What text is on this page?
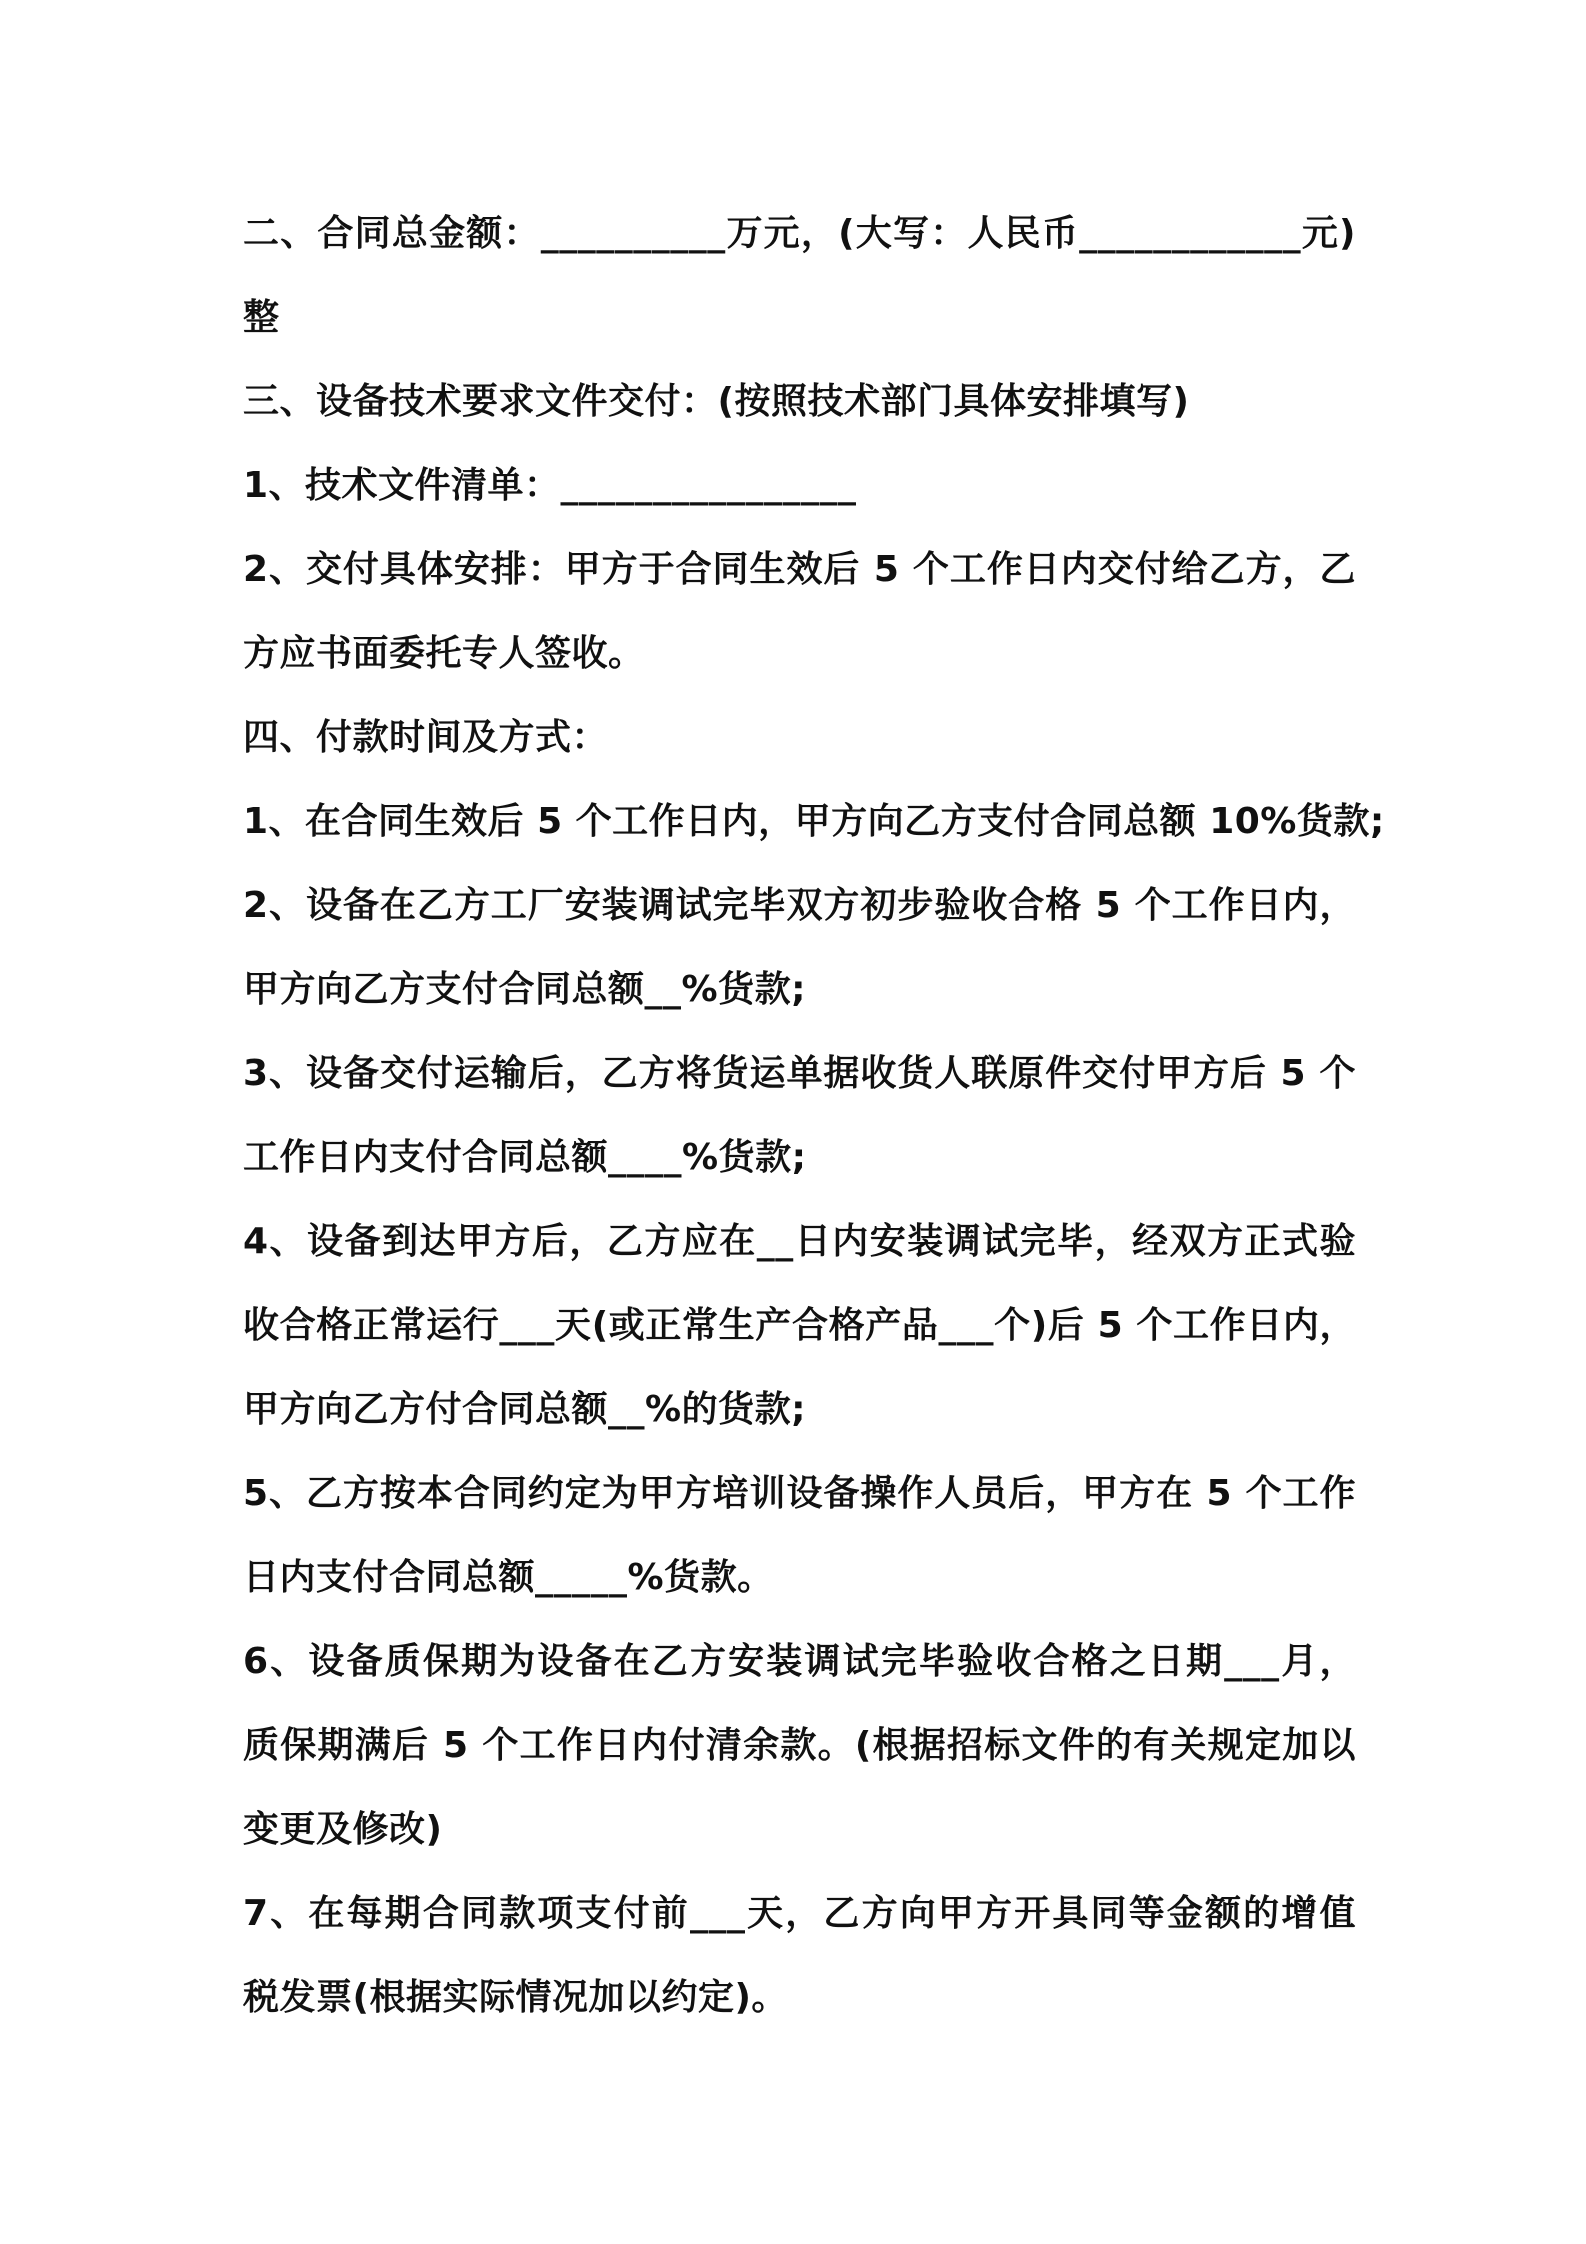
二、合同总金额：__________万元，(大写：人民币____________元)
整
三、设备技术要求文件交付：(按照技术部门具体安排填写)
1、技术文件清单：________________
2、交付具体安排：甲方于合同生效后 5 个工作日内交付给乙方，乙
方应书面委托专人签收。
四、付款时间及方式：
1、在合同生效后 5 个工作日内，甲方向乙方支付合同总额 10%货款;
2、设备在乙方工厂安装调试完毕双方初步验收合格 5 个工作日内，
甲方向乙方支付合同总额__%货款;
3、设备交付运输后，乙方将货运单据收货人联原件交付甲方后 5 个
工作日内支付合同总额____%货款;
4、设备到达甲方后，乙方应在__日内安装调试完毕，经双方正式验
收合格正常运行___天(或正常生产合格产品___个)后 5 个工作日内，
甲方向乙方付合同总额__%的货款;
5、乙方按本合同约定为甲方培训设备操作人员后，甲方在 5 个工作
日内支付合同总额_____%货款。
6、设备质保期为设备在乙方安装调试完毕验收合格之日期___月，
质保期满后 5 个工作日内付清余款。(根据招标文件的有关规定加以
变更及修改)
7、在每期合同款项支付前___天，乙方向甲方开具同等金额的增值
税发票(根据实际情况加以约定)。
